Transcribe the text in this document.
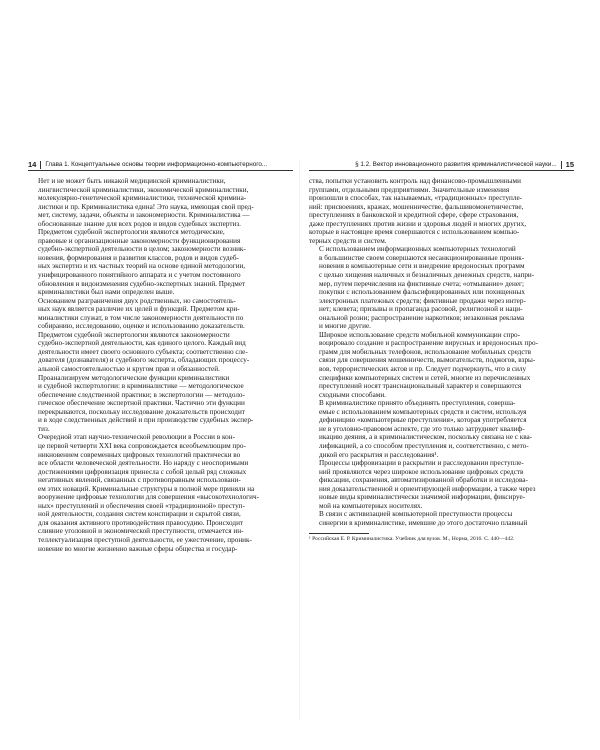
14 Глава 1. Концептуальные основы теории информационно-компьютерного...

Нет и не может быть никакой медицинской криминалистики,
лингвистической криминалистики, экономической криминалистики,
молекулярно-генетической криминалистики, технической кримина-
листики и пр. Криминалистика едина! Это наука, имеющая свой пред-
мет, систему, задачи, объекты и закономерности. Криминалистика —
обоснованные знание для всех родов и видов судебных экспертиз.

Предметом судебной экспертологии являются методические,
правовые и организационные закономерности функционирования
судебно-экспертной деятельности в целом; закономерности возник-
новения, формирования и развития классов, родов и видов судеб-
ных экспертиз и их частных теорий на основе единой методологии,
унифицированного понятийного аппарата и с учетом постоянного
обновления и видоизменения судебно-экспертных знаний. Предмет
криминалистики был нами определен выше.

Основанием разграничения двух родственных, но самостоятель-
ных наук является различие их целей и функций. Предметом кри-
миналистики служат, в том числе закономерности деятельности по
собиранию, исследованию, оценке и использованию доказательств.
Предметом судебной экспертологии являются закономерности
судебно-экспертной деятельности, как единого целого. Каждый вид
деятельности имеет своего основного субъекта; соответственно сле-
дователя (дознавателя) и судебного эксперта, обладающих процессу-
альной самостоятельностью и кругом прав и обязанностей.

Проанализируем методологические функции криминалистики
и судебной экспертологии: в криминалистике — методологическое
обеспечение следственной практики; в экспертологии — методоло-
гическое обеспечение экспертной практики. Частично эти функции
перекрываются, поскольку исследование доказательств происходит
и в ходе следственных действий и при производстве судебных экспер-
тиз.

Очередной этап научно-технической революции в России в кон-
це первой четверти XXI века сопровождается всеобъемлющим про-
никновением современных цифровых технологий практически во
все области человеческой деятельности. Но наряду с неоспоримыми
достижениями цифровизация принесла с собой целый ряд сложных
негативных явлений, связанных с противоправным использовани-
ем этих новаций. Криминальные структуры в полной мере приняли на
вооружение цифровые технологии для совершения «высокотехнологич-
ных» преступлений и обеспечения своей «традиционной» преступ-
ной деятельности, создания систем конспирации и скрытой связи,
для оказания активного противодействия правосудию. Происходит
слияние уголовной и экономической преступности, отмечается ин-
теллектуализация преступной деятельности, ее ужесточение, проник-
новение во многие жизненно важные сферы общества и государ-

§ 1.2. Вектор инновационного развития криминалистической науки... 15

ства, попытки установить контроль над финансово-промышленными
группами, отдельными предприятиями. Значительные изменения
произошли в способах, так называемых, «традиционных» преступле-
ний: присвоениях, кражах, мошенничестве, фальшивомонетничестве,
преступлениях в банковской и кредитной сфере, сфере страхования,
даже преступлениях против жизни и здоровья людей и многих других,
которые в настоящее время совершаются с использованием компью-
терных средств и систем.

С использованием информационных компьютерных технологий
в большинстве своем совершаются несанкционированные проник-
новения в компьютерные сети и внедрение вредоносных программ
с целью хищения наличных и безналичных денежных средств, напри-
мер, путем перечисления на фиктивные счета; «отмывание» денег;
покупки с использованием фальсифицированных или похищенных
электронных платежных средств; фиктивные продажи через интер-
нет; клевета; призывы и пропаганда расовой, религиозной и наци-
ональной розни; распространение наркотиков; незаконная реклама
и многие другие.

Широкое использование средств мобильной коммуникации спро-
воцировало создание и распространение вирусных и вредоносных про-
грамм для мобильных телефонов, использование мобильных средств
связи для совершения мошенничеств, вымогательств, поджогов, взры-
вов, террористических актов и пр. Следует подчеркнуть, что в силу
специфики компьютерных систем и сетей, многие из перечисленных
преступлений носят транснациональный характер и совершаются
сходными способами.

В криминалистике принято объединять преступления, соверша-
емые с использованием компьютерных средств и систем, используя
дефиницию «компьютерные преступления», которая употребляется
не в уголовно-правовом аспекте, где это только затрудняет квалиф-
икацию деяния, а в криминалистическом, поскольку связана не с ква-
лификацией, а со способом преступления и, соответственно, с мето-
дикой его раскрытия и расследования¹.

Процессы цифровизации в раскрытии и расследовании преступле-
ний проявляются через широкое использование цифровых средств
фиксации, сохранения, автоматизированной обработки и исследова-
ния доказательственной и ориентирующей информации, а также через
новые виды криминалистически значимой информации, фиксируе-
мой на компьютерных носителях.

В связи с активизацией компьютерной преступности процессы
синергии в криминалистике, имевшие до этого достаточно плавный

¹ Российская Е. Р. Криминалистика. Учебник для вузов. М., Норма, 2016. С. 440—442.
